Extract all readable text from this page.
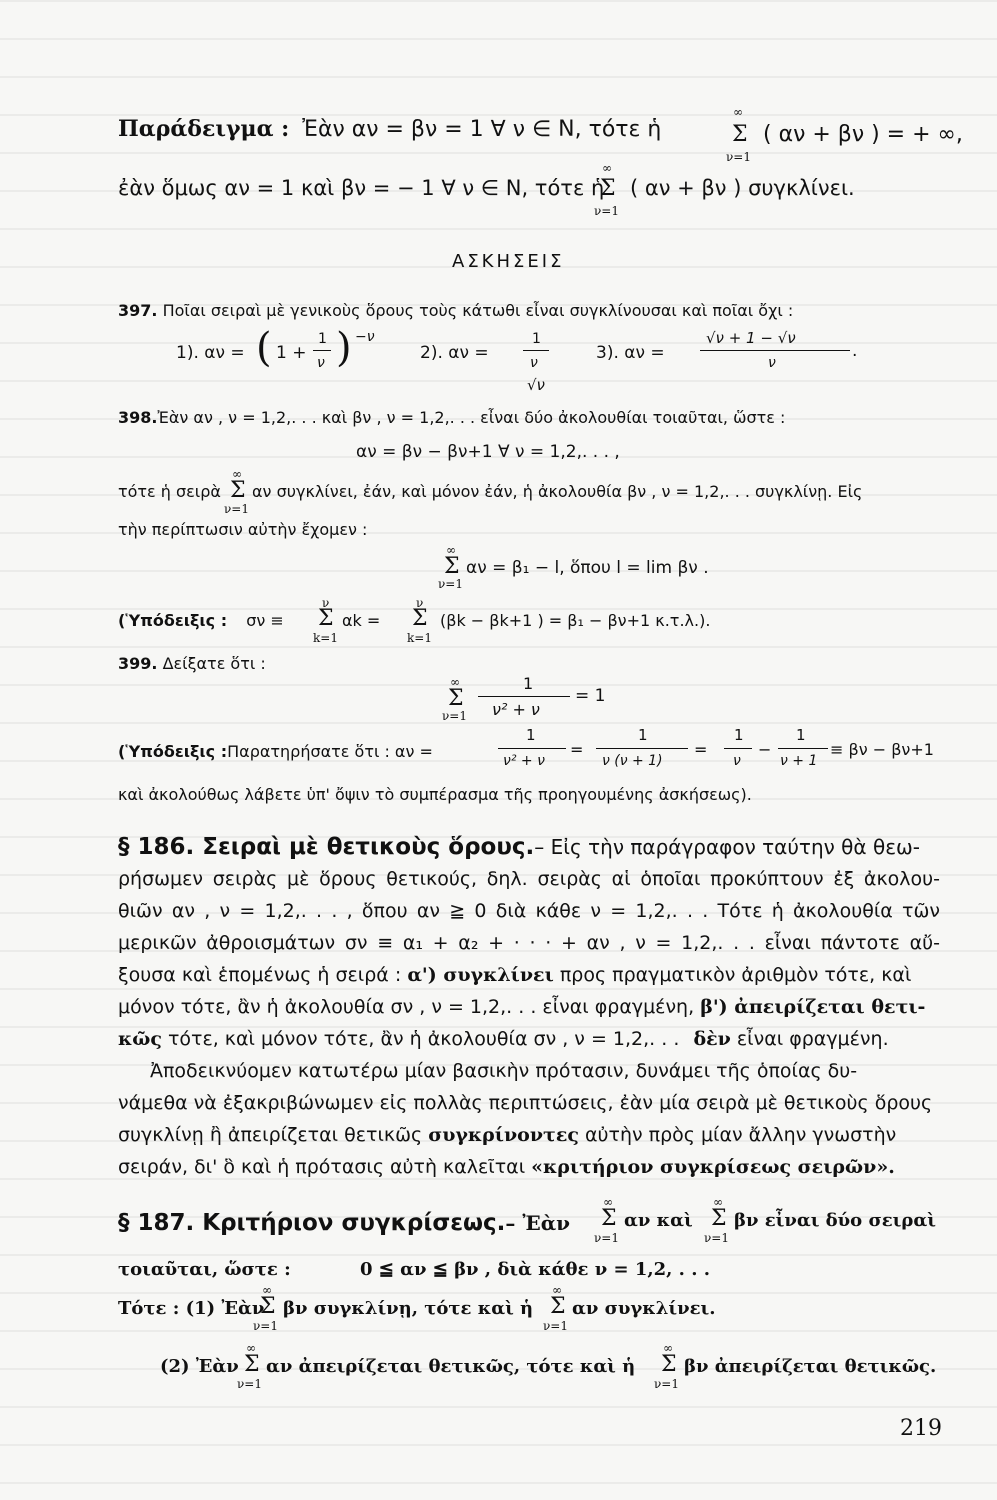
Παράδειγμα : Ἐὰν αν = βν = 1 ∀ ν ∈ Ν, τότε ἡ
∞
Σ
ν=1
( αν + βν ) = + ∞,
ἐὰν ὅμως αν = 1 καὶ βν = − 1 ∀ ν ∈ Ν, τότε ἡ
∞
Σ
ν=1
( αν + βν ) συγκλίνει.
ΑΣΚΗΣΕΙΣ
397. Ποῖαι σειραὶ μὲ γενικοὺς ὅρους τοὺς κάτωθι εἶναι συγκλίνουσαι καὶ ποῖαι ὄχι :
1). αν = ( 1 +
1
ν ) −ν
2). αν =
1
ν
√ν
3). αν =
√ν + 1 − √ν
ν
.
398.Ἐὰν αν , ν = 1,2,. . . καὶ βν , ν = 1,2,. . . εἶναι δύο ἀκολουθίαι τοιαῦται, ὥστε :
αν = βν − βν+1 ∀ ν = 1,2,. . . ,
τότε ἡ σειρὰ
∞
Σ
ν=1
αν συγκλίνει, ἐάν, καὶ μόνον ἐάν, ἡ ἀκολουθία βν , ν = 1,2,. . . συγκλίνῃ. Εἰς
τὴν περίπτωσιν αὐτὴν ἔχομεν :
∞
Σ
ν=1
αν = β₁ − l, ὅπου l = lim βν .
(Ὑπόδειξις : σν ≡
ν
Σ
k=1
αk =
ν
Σ
k=1
(βk − βk+1 ) = β₁ − βν+1 κ.τ.λ.).
399. Δείξατε ὅτι :
∞
Σ
ν=1
1
ν² + ν
= 1
(Ὑπόδειξις :Παρατηρήσατε ὅτι : αν =
1
ν² + ν
=
1
ν (ν + 1)
=
1
ν
−
1
ν + 1
≡ βν − βν+1
καὶ ἀκολούθως λάβετε ὑπ' ὄψιν τὸ συμπέρασμα τῆς προηγουμένης ἀσκήσεως).
§ 186. Σειραὶ μὲ θετικοὺς ὅρους.– Εἰς τὴν παράγραφον ταύτην θὰ θεω-
ρήσωμεν σειρὰς μὲ ὅρους θετικούς, δηλ. σειρὰς αἱ ὁποῖαι προκύπτουν ἐξ ἀκολου-
θιῶν αν , ν = 1,2,. . . , ὅπου αν ≧ 0 διὰ κάθε ν = 1,2,. . . Τότε ἡ ἀκολουθία τῶν
μερικῶν ἀθροισμάτων σν ≡ α₁ + α₂ + · · · + αν , ν = 1,2,. . . εἶναι πάντοτε αὔ-
ξουσα καὶ ἑπομένως ἡ σειρά : α') συγκλίνει προς πραγματικὸν ἀριθμὸν τότε, καὶ
μόνον τότε, ἂν ἡ ἀκολουθία σν , ν = 1,2,. . . εἶναι φραγμένη, β') ἀπειρίζεται θετι-
κῶς τότε, καὶ μόνον τότε, ἂν ἡ ἀκολουθία σν , ν = 1,2,. . . δὲν εἶναι φραγμένη.
Ἀποδεικνύομεν κατωτέρω μίαν βασικὴν πρότασιν, δυνάμει τῆς ὁποίας δυ-
νάμεθα νὰ ἐξακριβώνωμεν εἰς πολλὰς περιπτώσεις, ἐὰν μία σειρὰ μὲ θετικοὺς ὅρους
συγκλίνῃ ἢ ἀπειρίζεται θετικῶς συγκρίνοντες αὐτὴν πρὸς μίαν ἄλλην γνωστὴν
σειράν, δι' ὃ καὶ ἡ πρότασις αὐτὴ καλεῖται «κριτήριον συγκρίσεως σειρῶν».
§ 187. Κριτήριον συγκρίσεως.– Ἐὰν
∞
Σ
ν=1
αν καὶ
∞
Σ
ν=1
βν εἶναι δύο σειραὶ
τοιαῦται, ὥστε :	0 ≦ αν ≦ βν , διὰ κάθε ν = 1,2, . . .
Τότε : (1) Ἐὰν
∞
Σ
ν=1
βν συγκλίνῃ, τότε καὶ ἡ
∞
Σ
ν=1
αν συγκλίνει.
(2) Ἐὰν
∞
Σ
ν=1
αν ἀπειρίζεται θετικῶς, τότε καὶ ἡ
∞
Σ
ν=1
βν ἀπειρίζεται θετικῶς.
219
